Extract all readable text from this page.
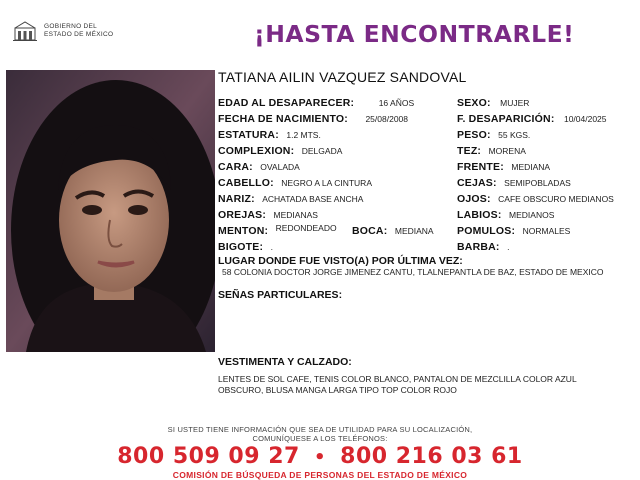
GOBIERNO DEL
ESTADO DE MÉXICO	¡HASTA ENCONTRARLE!
TATIANA AILIN VAZQUEZ SANDOVAL
EDAD AL DESAPARECER:	16 AÑOS
FECHA DE NACIMIENTO: 25/08/2008
ESTATURA: 1.2 MTS.
COMPLEXION: DELGADA
CARA: OVALADA
CABELLO: NEGRO A LA CINTURA
NARIZ: ACHATADA BASE ANCHA
OREJAS: MEDIANAS
MENTON: REDONDEADO BOCA: MEDIANA
BIGOTE: .
SEXO: MUJER
F. DESAPARICIÓN: 10/04/2025
PESO: 55 KGS.
TEZ: MORENA
FRENTE: MEDIANA
CEJAS: SEMIPOBLADAS
OJOS: CAFE OBSCURO MEDIANOS
LABIOS: MEDIANOS
POMULOS: NORMALES
BARBA: .
LUGAR DONDE FUE VISTO(A) POR ÚLTIMA VEZ:
58 COLONIA DOCTOR JORGE JIMENEZ CANTU, TLALNEPANTLA DE BAZ, ESTADO DE MEXICO
SEÑAS PARTICULARES:
VESTIMENTA Y CALZADO:
LENTES DE SOL CAFE, TENIS COLOR BLANCO, PANTALON DE MEZCLILLA COLOR AZUL OBSCURO, BLUSA MANGA LARGA TIPO TOP COLOR ROJO
SI USTED TIENE INFORMACIÓN QUE SEA DE UTILIDAD PARA SU LOCALIZACIÓN,
COMUNÍQUESE A LOS TELÉFONOS:
800 509 09 27 • 800 216 03 61
COMISIÓN DE BÚSQUEDA DE PERSONAS DEL ESTADO DE MÉXICO
